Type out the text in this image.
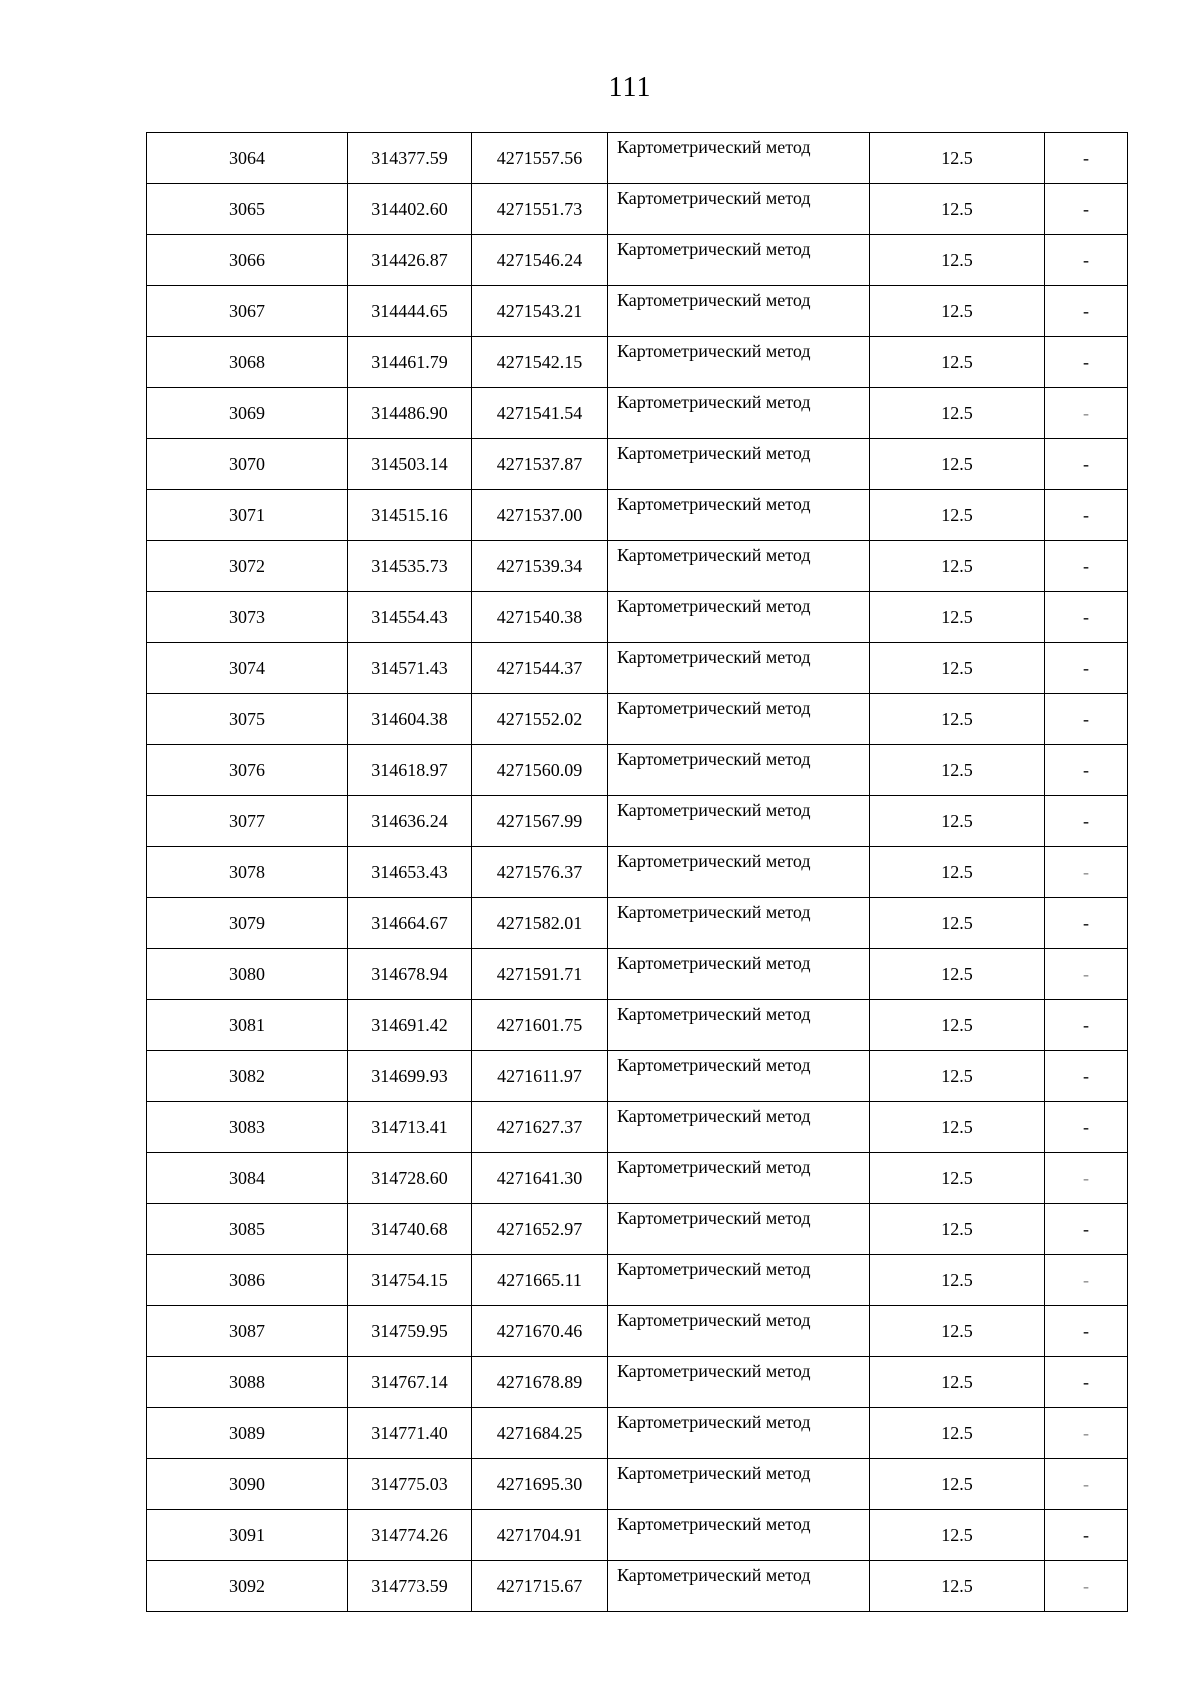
111
3064	314377.59	4271557.56	Картометрический метод	12.5	-
3065	314402.60	4271551.73	Картометрический метод	12.5	-
3066	314426.87	4271546.24	Картометрический метод	12.5	-
3067	314444.65	4271543.21	Картометрический метод	12.5	-
3068	314461.79	4271542.15	Картометрический метод	12.5	-
3069	314486.90	4271541.54	Картометрический метод	12.5	-
3070	314503.14	4271537.87	Картометрический метод	12.5	-
3071	314515.16	4271537.00	Картометрический метод	12.5	-
3072	314535.73	4271539.34	Картометрический метод	12.5	-
3073	314554.43	4271540.38	Картометрический метод	12.5	-
3074	314571.43	4271544.37	Картометрический метод	12.5	-
3075	314604.38	4271552.02	Картометрический метод	12.5	-
3076	314618.97	4271560.09	Картометрический метод	12.5	-
3077	314636.24	4271567.99	Картометрический метод	12.5	-
3078	314653.43	4271576.37	Картометрический метод	12.5	-
3079	314664.67	4271582.01	Картометрический метод	12.5	-
3080	314678.94	4271591.71	Картометрический метод	12.5	-
3081	314691.42	4271601.75	Картометрический метод	12.5	-
3082	314699.93	4271611.97	Картометрический метод	12.5	-
3083	314713.41	4271627.37	Картометрический метод	12.5	-
3084	314728.60	4271641.30	Картометрический метод	12.5	-
3085	314740.68	4271652.97	Картометрический метод	12.5	-
3086	314754.15	4271665.11	Картометрический метод	12.5	-
3087	314759.95	4271670.46	Картометрический метод	12.5	-
3088	314767.14	4271678.89	Картометрический метод	12.5	-
3089	314771.40	4271684.25	Картометрический метод	12.5	-
3090	314775.03	4271695.30	Картометрический метод	12.5	-
3091	314774.26	4271704.91	Картометрический метод	12.5	-
3092	314773.59	4271715.67	Картометрический метод	12.5	-
